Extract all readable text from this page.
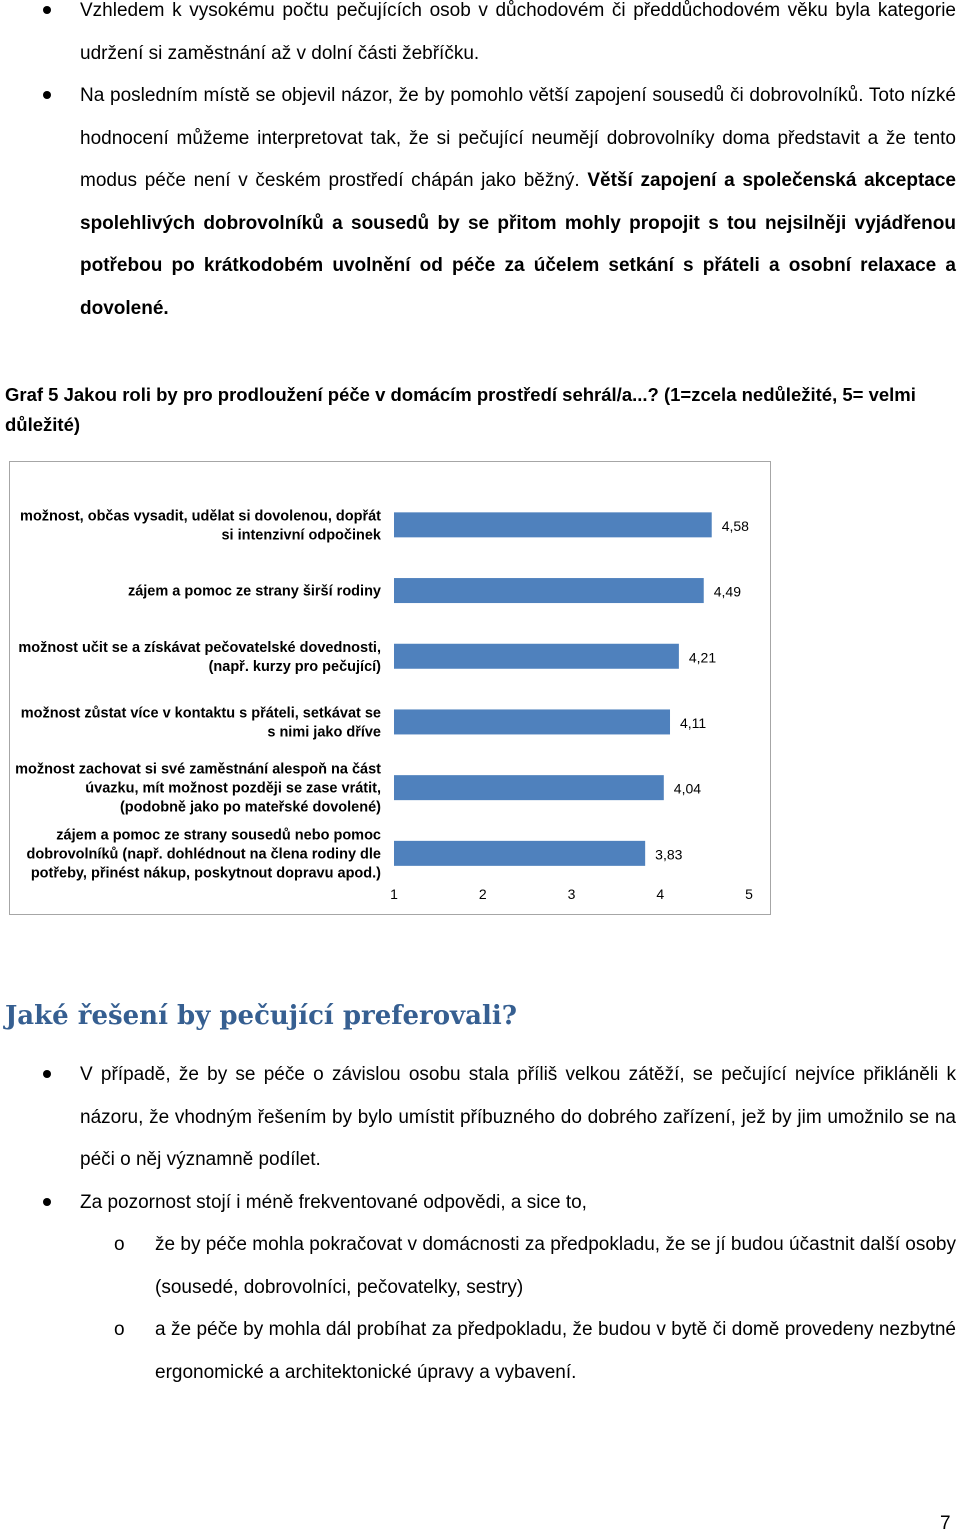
Vzhledem k vysokému počtu pečujících osob v důchodovém či předdůchodovém věku byla kategorie udržení si zaměstnání až v dolní části žebříčku.
Na posledním místě se objevil názor, že by pomohlo větší zapojení sousedů či dobrovolníků. Toto nízké hodnocení můžeme interpretovat tak, že si pečující neumějí dobrovolníky doma představit a že tento modus péče není v českém prostředí chápán jako běžný. Větší zapojení a společenská akceptace spolehlivých dobrovolníků a sousedů by se přitom mohly propojit s tou nejsilněji vyjádřenou potřebou po krátkodobém uvolnění od péče za účelem setkání s přáteli a osobní relaxace a dovolené.

Graf 5 Jakou roli by pro prodloužení péče v domácím prostředí sehrál/a...? (1=zcela nedůležité, 5= velmi důležité)

4,58
možnost, občas vysadit, udělat si dovolenou, dopřát
si intenzivní odpočinek
4,49
zájem a pomoc ze strany širší rodiny
4,21
možnost učit se a získávat pečovatelské dovednosti,
(např. kurzy pro pečující)
4,11
možnost zůstat více v kontaktu s přáteli, setkávat se
s nimi jako dříve
4,04
možnost zachovat si své zaměstnání alespoň na část
úvazku, mít možnost později se zase vrátit,
(podobně jako po mateřské dovolené)
3,83
zájem a pomoc ze strany sousedů nebo pomoc
dobrovolníků (např. dohlédnout na člena rodiny dle
potřeby, přinést nákup, poskytnout dopravu apod.)
1	2	3	4	5
Jaké řešení by pečující preferovali?
V případě, že by se péče o závislou osobu stala příliš velkou zátěží, se pečující nejvíce přikláněli k názoru, že vhodným řešením by bylo umístit příbuzného do dobrého zařízení, jež by jim umožnilo se na péči o něj významně podílet.
Za pozornost stojí i méně frekventované odpovědi, a sice to,
o že by péče mohla pokračovat v domácnosti za předpokladu, že se jí budou účastnit další osoby (sousedé, dobrovolníci, pečovatelky, sestry)
o a že péče by mohla dál probíhat za předpokladu, že budou v bytě či domě provedeny nezbytné ergonomické a architektonické úpravy a vybavení.
7
